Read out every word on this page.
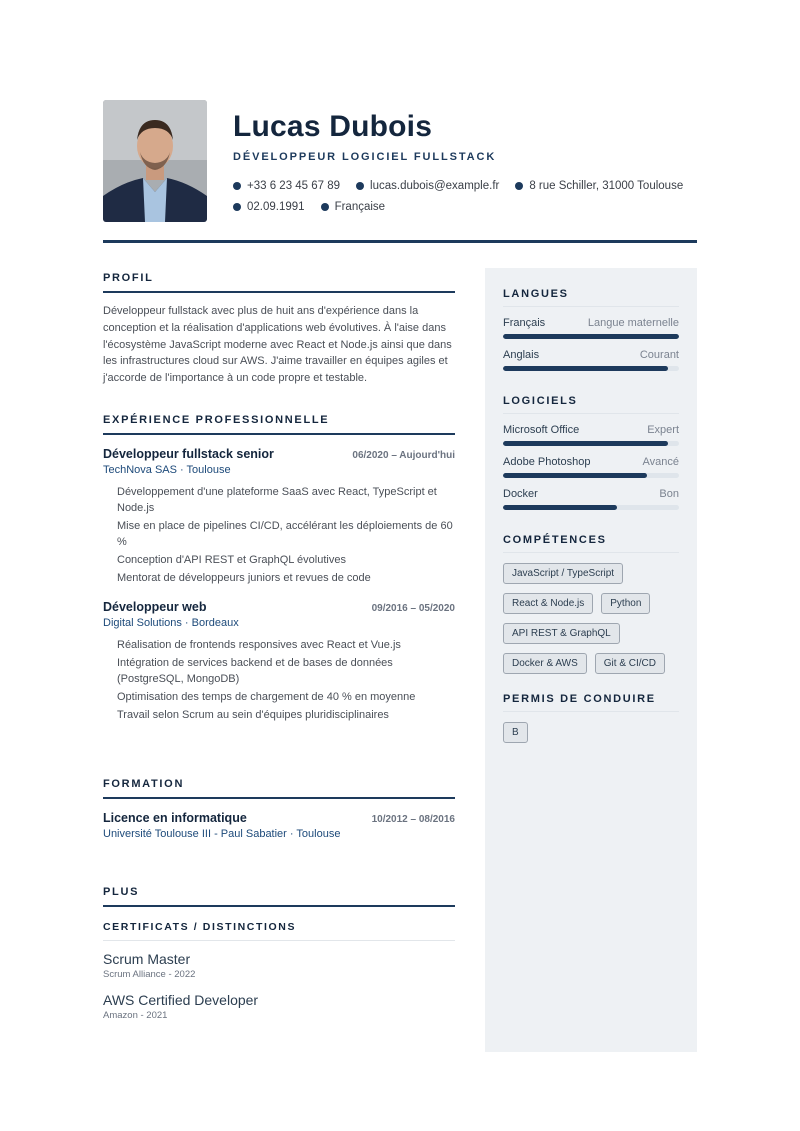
Lucas Dubois
DÉVELOPPEUR LOGICIEL FULLSTACK
+33 6 23 45 67 89	lucas.dubois@example.fr	8 rue Schiller, 31000 Toulouse
02.09.1991	Française
PROFIL
Développeur fullstack avec plus de huit ans d'expérience dans la conception et la réalisation d'applications web évolutives. À l'aise dans l'écosystème JavaScript moderne avec React et Node.js ainsi que dans les infrastructures cloud sur AWS. J'aime travailler en équipes agiles et j'accorde de l'importance à un code propre et testable.
EXPÉRIENCE PROFESSIONNELLE
Développeur fullstack senior	06/2020 – Aujourd'hui
TechNova SAS · Toulouse
Développement d'une plateforme SaaS avec React, TypeScript et Node.js
Mise en place de pipelines CI/CD, accélérant les déploiements de 60 %
Conception d'API REST et GraphQL évolutives
Mentorat de développeurs juniors et revues de code
Développeur web	09/2016 – 05/2020
Digital Solutions · Bordeaux
Réalisation de frontends responsives avec React et Vue.js
Intégration de services backend et de bases de données (PostgreSQL, MongoDB)
Optimisation des temps de chargement de 40 % en moyenne
Travail selon Scrum au sein d'équipes pluridisciplinaires
FORMATION
Licence en informatique	10/2012 – 08/2016
Université Toulouse III - Paul Sabatier · Toulouse
PLUS
CERTIFICATS / DISTINCTIONS
Scrum Master
Scrum Alliance - 2022
AWS Certified Developer
Amazon - 2021
LANGUES
Français	Langue maternelle
Anglais	Courant
LOGICIELS
Microsoft Office	Expert
Adobe Photoshop	Avancé
Docker	Bon
COMPÉTENCES
JavaScript / TypeScript
React & Node.js	Python
API REST & GraphQL
Docker & AWS	Git & CI/CD
PERMIS DE CONDUIRE
B
